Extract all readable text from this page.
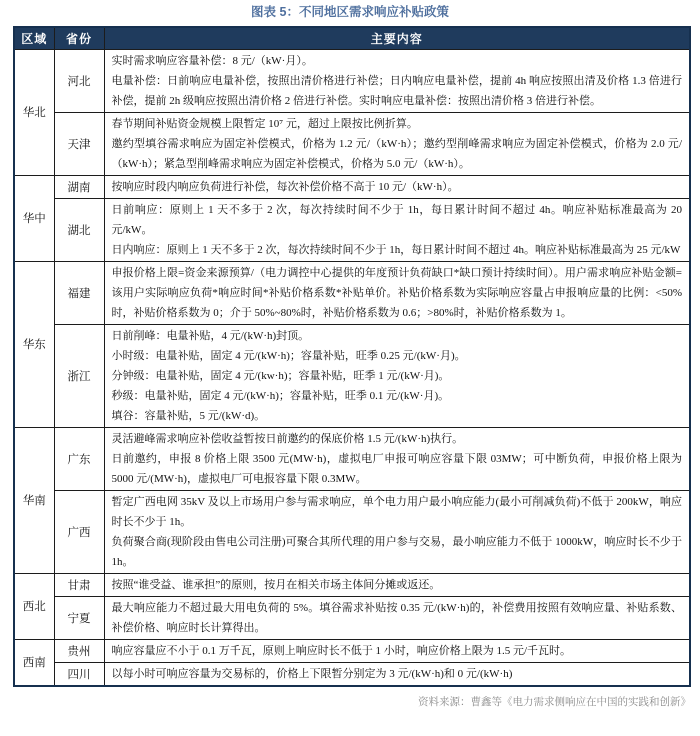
图表 5：不同地区需求响应补贴政策
区域	省份	主要内容
华北	河北	实时需求响应容量补偿：8 元/（kW·月）。
电量补偿：日前响应电量补偿，按照出清价格进行补偿；日内响应电量补偿，提前 4h 响应按照出清及价格 1.3 倍进行补偿，提前 2h 级响应按照出清价格 2 倍进行补偿。实时响应电量补偿：按照出清价格 3 倍进行补偿。

	天津	春节期间补贴资金规模上限暂定 10⁷ 元，超过上限按比例折算。
邀约型填谷需求响应为固定补偿模式，价格为 1.2 元/（kW·h）；邀约型削峰需求响应为固定补偿模式，价格为 2.0 元/（kW·h）；紧急型削峰需求响应为固定补偿模式，价格为 5.0 元/（kW·h）。

华中	湖南	按响应时段内响应负荷进行补偿，每次补偿价格不高于 10 元/（kW·h）。

	湖北	日前响应：原则上 1 天不多于 2 次，每次持续时间不少于 1h，每日累计时间不超过 4h。响应补贴标准最高为 20 元/kW。
日内响应：原则上 1 天不多于 2 次，每次持续时间不少于 1h，每日累计时间不超过 4h。响应补贴标准最高为 25 元/kW

华东	福建	申报价格上限=资金来源预算/（电力调控中心提供的年度预计负荷缺口*缺口预计持续时间）。用户需求响应补贴金额=该用户实际响应负荷*响应时间*补贴价格系数*补贴单价。补贴价格系数为实际响应容量占申报响应量的比例：<50%时，补贴价格系数为 0；介于 50%~80%时，补贴价格系数为 0.6；>80%时，补贴价格系数为 1。

	浙江	日前削峰：电量补贴，4 元/(kW·h)封顶。
小时级：电量补贴，固定 4 元/(kW·h)；容量补贴，旺季 0.25 元/(kW·月)。
分钟级：电量补贴，固定 4 元/(kw·h)；容量补贴，旺季 1 元/(kW·月)。
秒级：电量补贴，固定 4 元/(kW·h)；容量补贴，旺季 0.1 元/(kW·月)。
填谷：容量补贴，5 元/(kW·d)。

华南	广东	灵活避峰需求响应补偿收益暂按日前邀约的保底价格 1.5 元/(kW·h)执行。
日前邀约，申报 8 价格上限 3500 元(MW·h)，虚拟电厂申报可响应容量下限 03MW；可中断负荷，申报价格上限为 5000 元/(MW·h)，虚拟电厂可电报容量下限 0.3MW。

	广西	暂定广西电网 35kV 及以上市场用户参与需求响应，单个电力用户最小响应能力(最小可削减负荷)不低于 200kW，响应时长不少于 1h。
负荷聚合商(现阶段由售电公司注册)可聚合其所代理的用户参与交易，最小响应能力不低于 1000kW，响应时长不少于 1h。

西北	甘肃	按照“谁受益、谁承担”的原则，按月在相关市场主体间分摊或返还。

	宁夏	最大响应能力不超过最大用电负荷的 5%。填谷需求补贴按 0.35 元/(kW·h)的，补偿费用按照有效响应量、补贴系数、补偿价格、响应时长计算得出。

西南	贵州	响应容量应不小于 0.1 万千瓦，原则上响应时长不低于 1 小时，响应价格上限为 1.5 元/千瓦时。

	四川	以每小时可响应容量为交易标的，价格上下限暂分别定为 3 元/(kW·h)和 0 元/(kW·h)
资料来源：曹鑫等《电力需求侧响应在中国的实践和创新》
